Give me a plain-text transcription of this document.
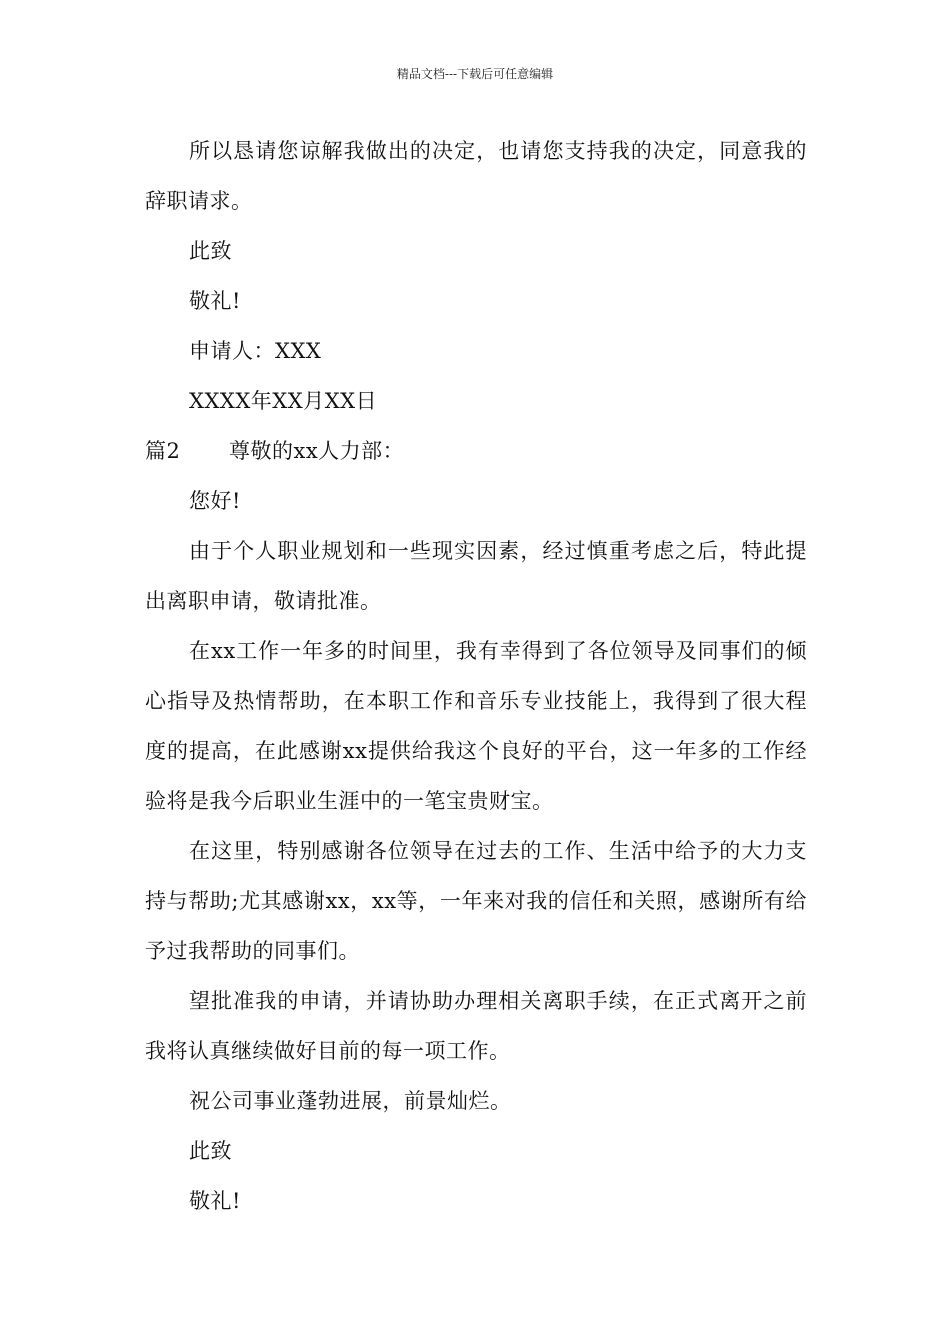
精品文档---下载后可任意编辑

所以恳请您谅解我做出的决定，也请您支持我的决定，同意我的辞职请求。

此致

敬礼!

申请人：XXX

XXXX年XX月XX日

篇2	尊敬的xx人力部：

您好!

由于个人职业规划和一些现实因素，经过慎重考虑之后，特此提出离职申请，敬请批准。

在xx工作一年多的时间里，我有幸得到了各位领导及同事们的倾心指导及热情帮助，在本职工作和音乐专业技能上，我得到了很大程度的提高，在此感谢xx提供给我这个良好的平台，这一年多的工作经验将是我今后职业生涯中的一笔宝贵财宝。

在这里，特别感谢各位领导在过去的工作、生活中给予的大力支持与帮助;尤其感谢xx，xx等，一年来对我的信任和关照，感谢所有给予过我帮助的同事们。

望批准我的申请，并请协助办理相关离职手续，在正式离开之前我将认真继续做好目前的每一项工作。

祝公司事业蓬勃进展，前景灿烂。

此致

敬礼!
